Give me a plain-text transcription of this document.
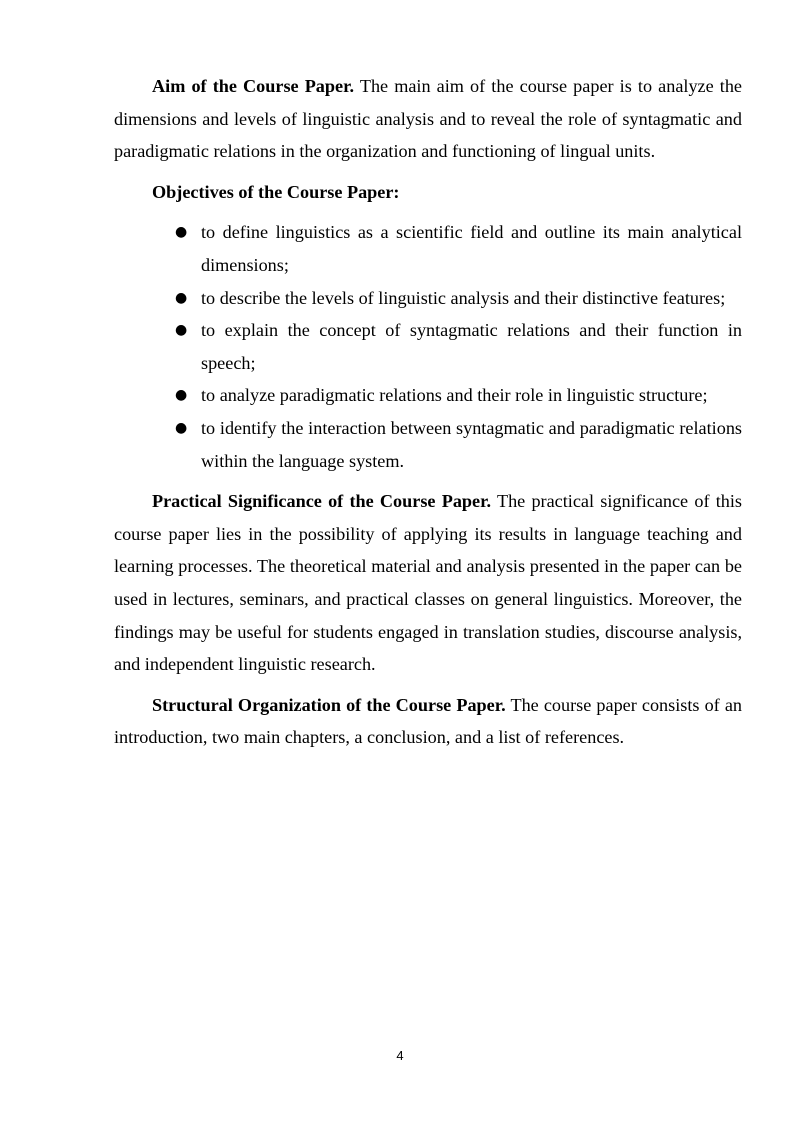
Aim of the Course Paper. The main aim of the course paper is to analyze the dimensions and levels of linguistic analysis and to reveal the role of syntagmatic and paradigmatic relations in the organization and functioning of lingual units.

Objectives of the Course Paper:

● to define linguistics as a scientific field and outline its main analytical dimensions;
● to describe the levels of linguistic analysis and their distinctive features;
● to explain the concept of syntagmatic relations and their function in speech;
● to analyze paradigmatic relations and their role in linguistic structure;
● to identify the interaction between syntagmatic and paradigmatic relations within the language system.

Practical Significance of the Course Paper. The practical significance of this course paper lies in the possibility of applying its results in language teaching and learning processes. The theoretical material and analysis presented in the paper can be used in lectures, seminars, and practical classes on general linguistics. Moreover, the findings may be useful for students engaged in translation studies, discourse analysis, and independent linguistic research.

Structural Organization of the Course Paper. The course paper consists of an introduction, two main chapters, a conclusion, and a list of references.

4
